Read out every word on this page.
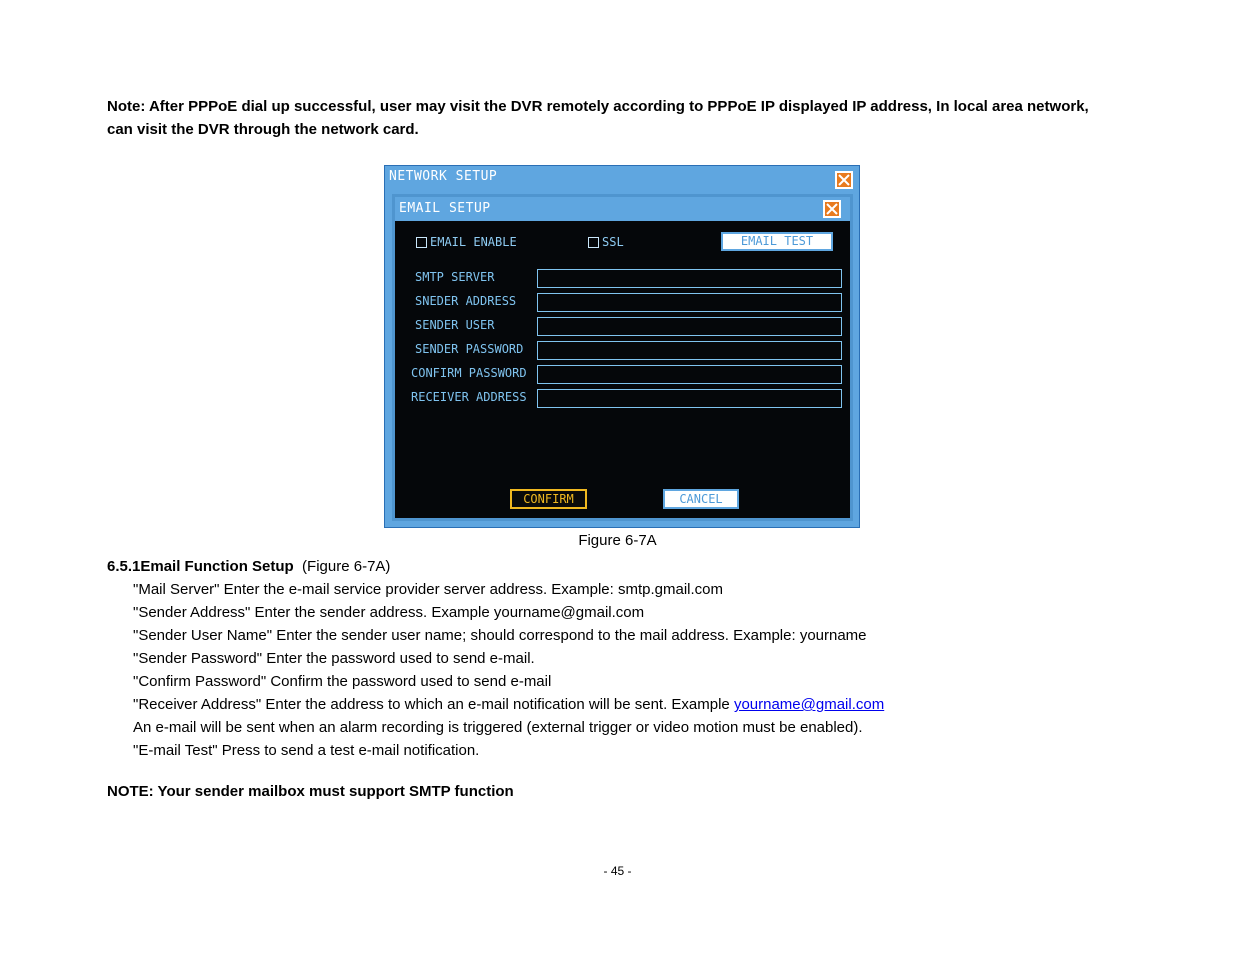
Note: After PPPoE dial up successful, user may visit the DVR remotely according to PPPoE IP displayed IP address, In local area network,

can visit the DVR through the network card.

NETWORK SETUP
EMAIL SETUP
EMAIL ENABLE	SSL	EMAIL TEST
SMTP SERVER
SNEDER ADDRESS
SENDER USER
SENDER PASSWORD
CONFIRM PASSWORD
RECEIVER ADDRESS
CONFIRM	CANCEL
Figure 6-7A
6.5.1Email Function Setup (Figure 6-7A)
"Mail Server" Enter the e-mail service provider server address. Example: smtp.gmail.com
"Sender Address" Enter the sender address. Example yourname@gmail.com
"Sender User Name" Enter the sender user name; should correspond to the mail address. Example: yourname
"Sender Password" Enter the password used to send e-mail.
"Confirm Password" Confirm the password used to send e-mail
"Receiver Address" Enter the address to which an e-mail notification will be sent. Example yourname@gmail.com
An e-mail will be sent when an alarm recording is triggered (external trigger or video motion must be enabled).
"E-mail Test" Press to send a test e-mail notification.
NOTE: Your sender mailbox must support SMTP function
- 45 -
